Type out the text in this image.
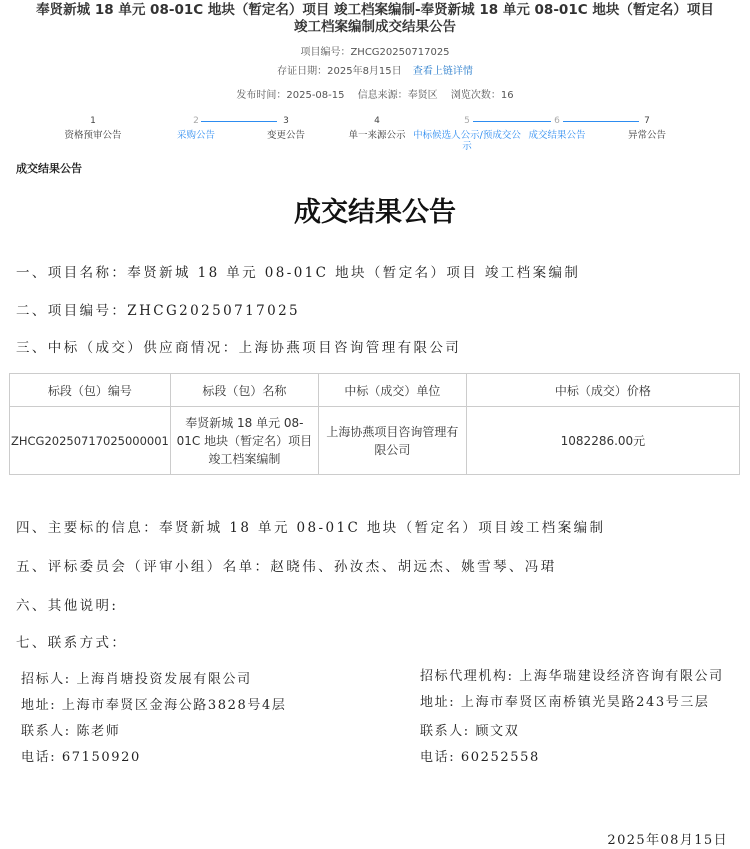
奉贤新城 18 单元 08-01C 地块（暂定名）项目 竣工档案编制-奉贤新城 18 单元 08-01C 地块（暂定名）项目竣工档案编制成交结果公告
项目编号：ZHCG20250717025
存证日期：2025年8月15日 查看上链详情
发布时间：2025-08-15 信息来源：奉贤区 浏览次数：16
1
资格预审公告
2
采购公告
3
变更公告
4
单一来源公示
5
中标候选人公示/预成交公示
6
成交结果公告
7
异常公告
成交结果公告
成交结果公告
一、项目名称：奉贤新城 18 单元 08-01C 地块（暂定名）项目 竣工档案编制
二、项目编号：ZHCG20250717025
三、中标（成交）供应商情况：上海协燕项目咨询管理有限公司
标段（包）编号	标段（包）名称	中标（成交）单位	中标（成交）价格
ZHCG20250717025000001	奉贤新城 18 单元 08-01C 地块（暂定名）项目竣工档案编制	上海协燕项目咨询管理有限公司	1082286.00元
四、主要标的信息：奉贤新城 18 单元 08-01C 地块（暂定名）项目竣工档案编制
五、评标委员会（评审小组）名单：赵晓伟、孙汝杰、胡远杰、姚雪琴、冯珺
六、其他说明:
七、联系方式：
招标人: 上海肖塘投资发展有限公司
地址: 上海市奉贤区金海公路3828号4层
联系人: 陈老师
电话: 67150920
招标代理机构: 上海华瑞建设经济咨询有限公司
地址: 上海市奉贤区南桥镇光昊路243号三层
联系人: 顾文双
电话: 60252558
2025年08月15日
